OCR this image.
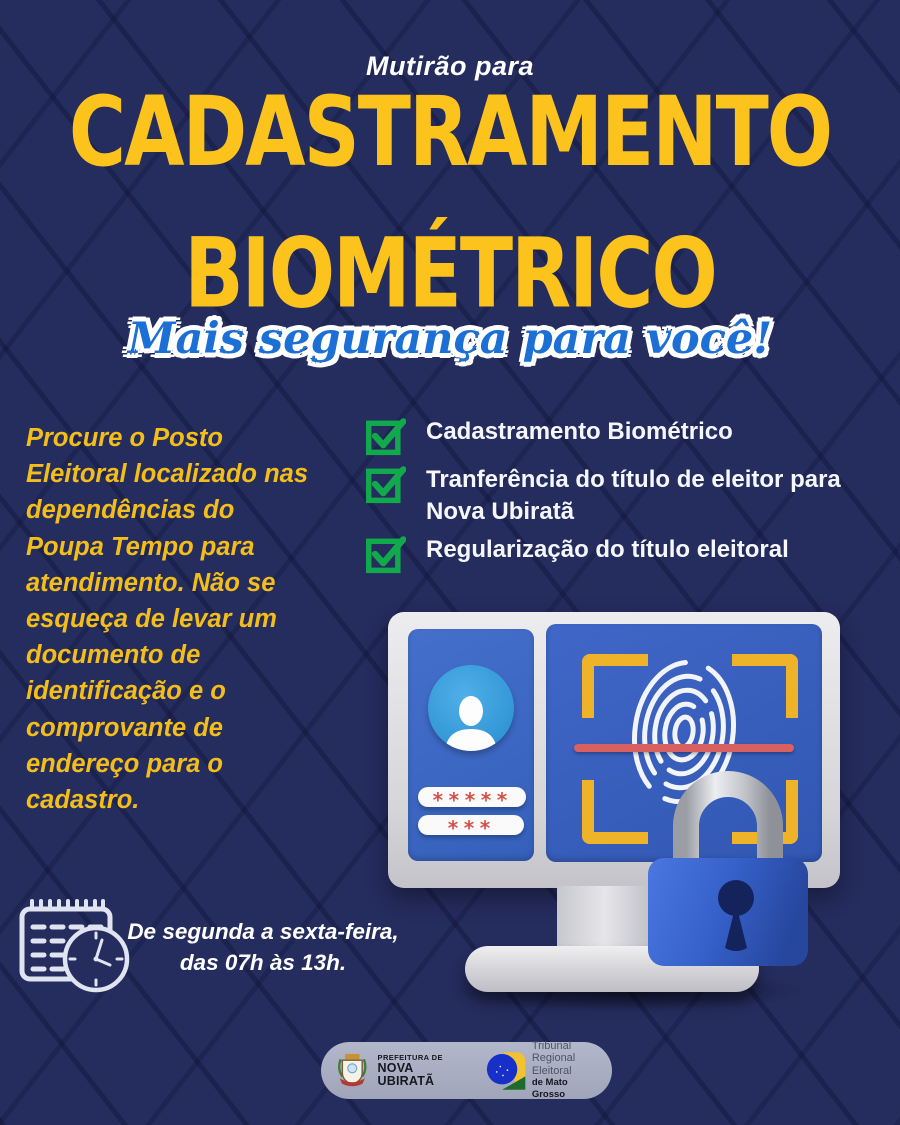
Mutirão para
CADASTRAMENTO
BIOMÉTRICO
Mais segurança para você!
Procure o Posto Eleitoral localizado nas dependências do Poupa Tempo para atendimento. Não se esqueça de levar um documento de identificação e o comprovante de endereço para o cadastro.
Cadastramento Biométrico
Tranferência do título de eleitor para Nova Ubiratã
Regularização do título eleitoral
*****
***
De segunda a sexta-feira,
das 07h às 13h.
PREFEITURA DE
NOVA UBIRATÃ
Tribunal
Regional
Eleitoral
de Mato Grosso
